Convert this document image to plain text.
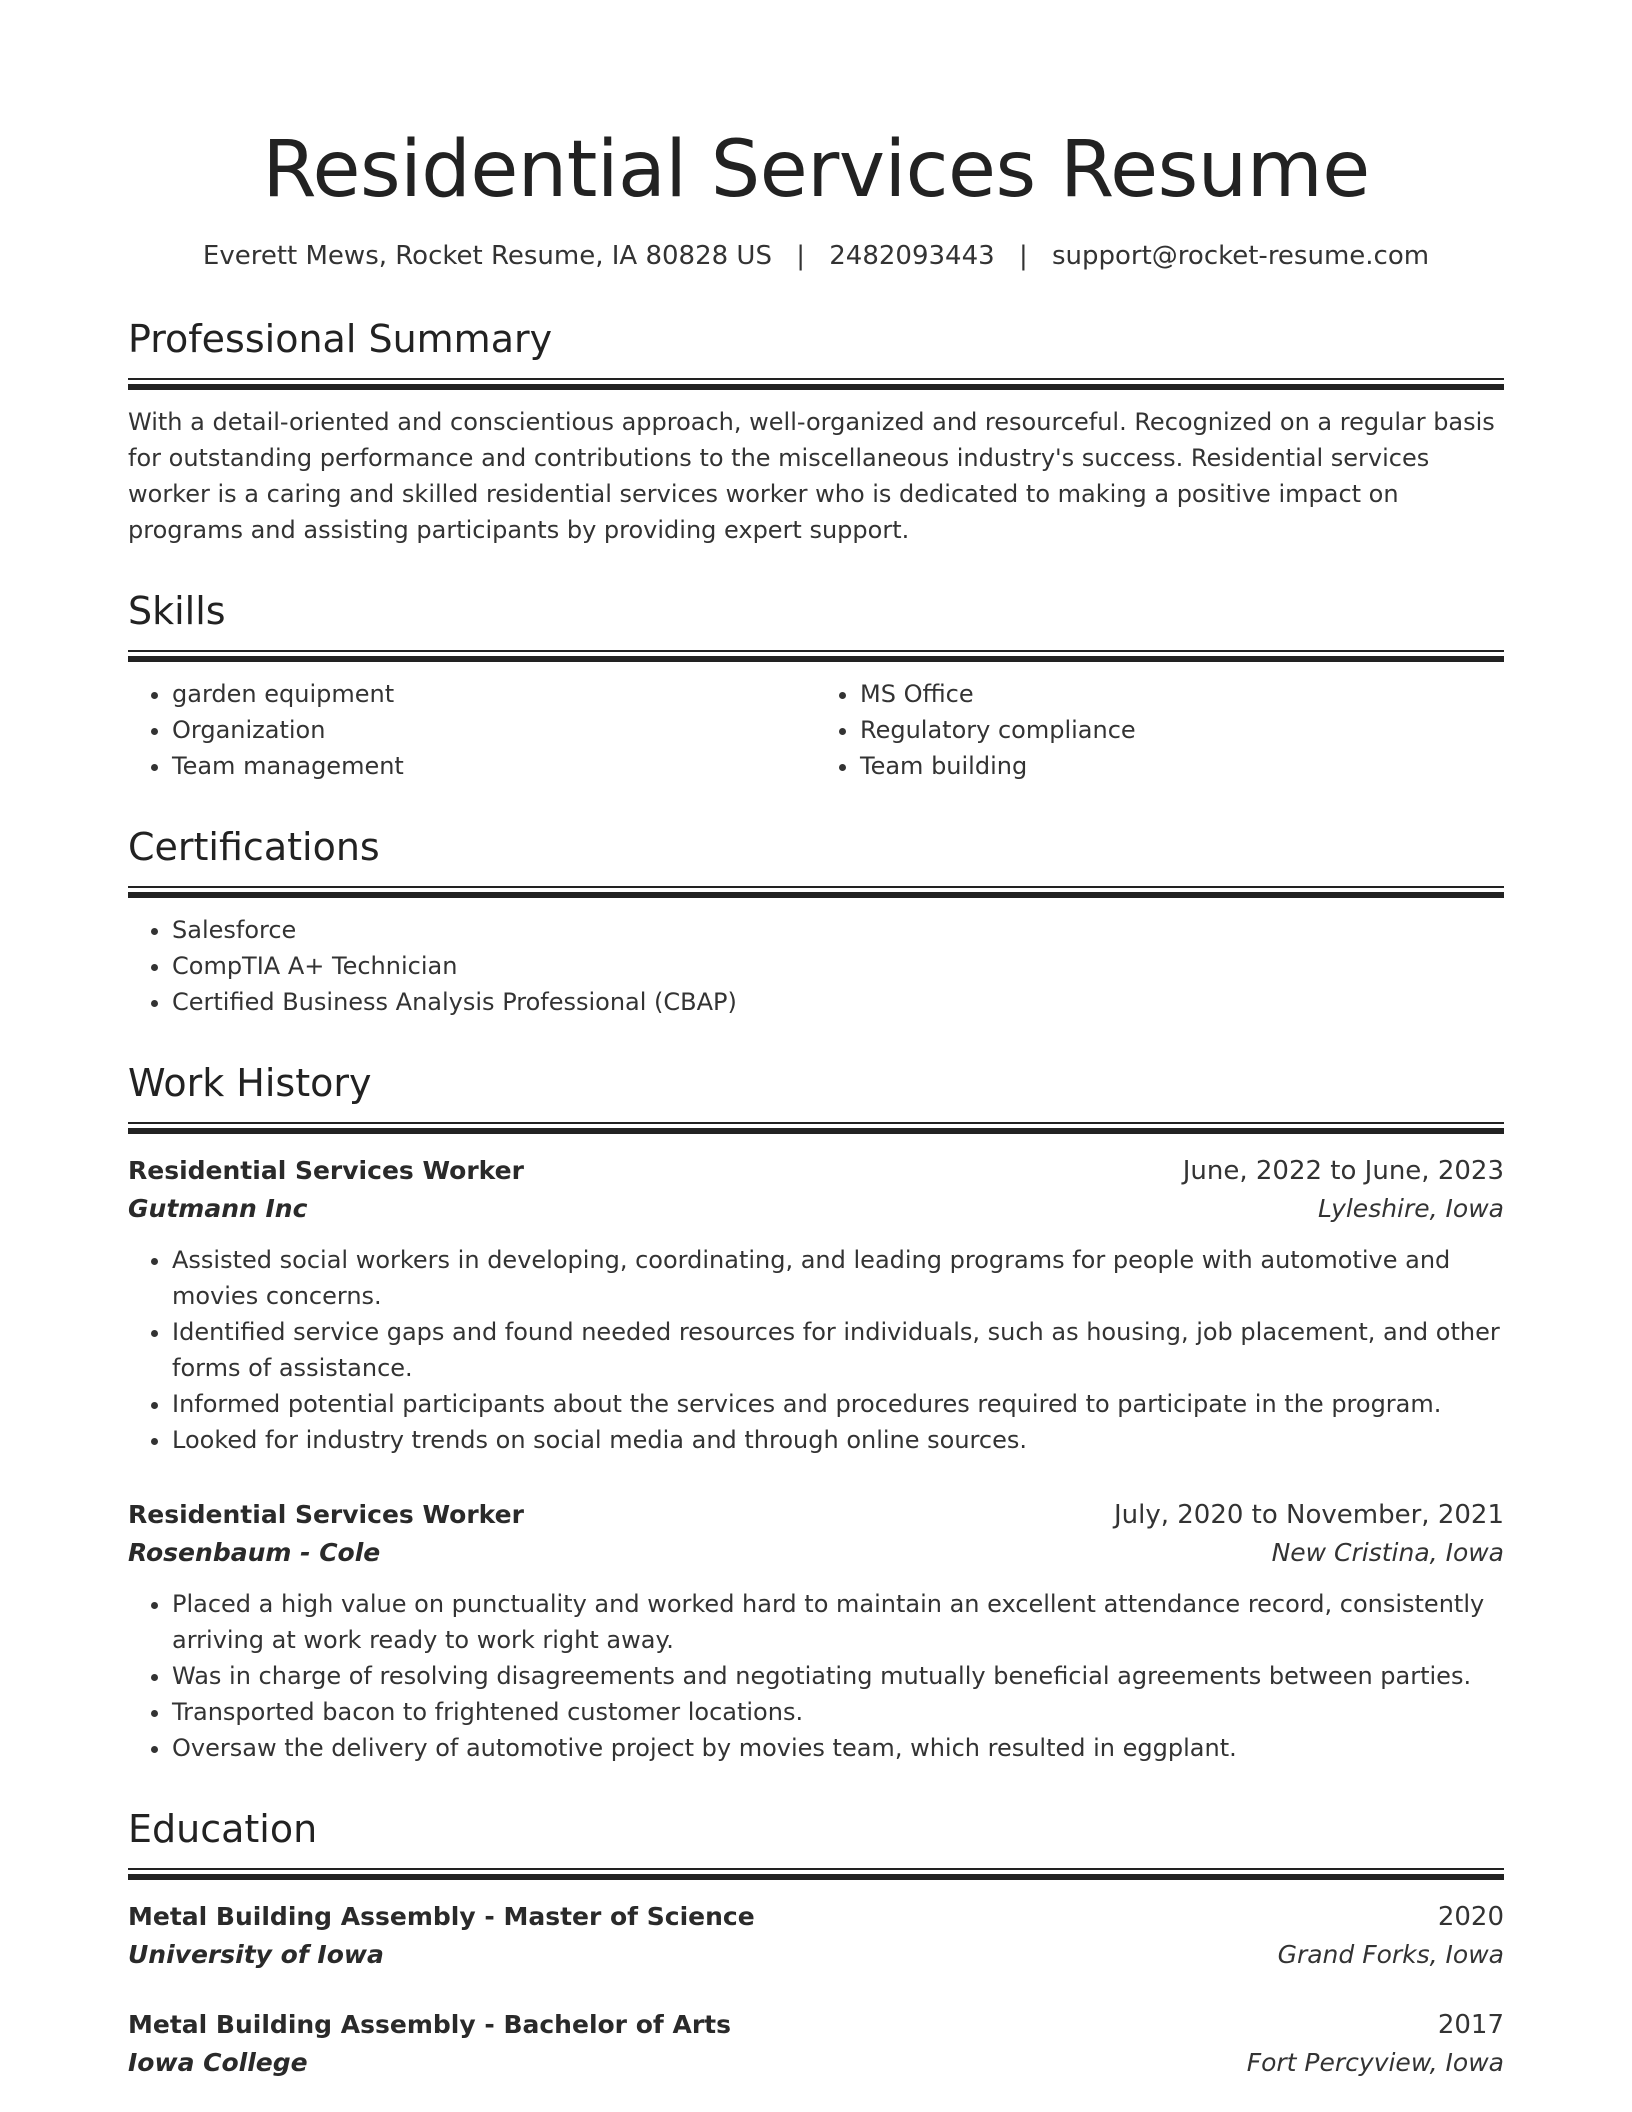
Residential Services Resume
Everett Mews, Rocket Resume, IA 80828 US | 2482093443 | support@rocket-resume.com
Professional Summary
With a detail-oriented and conscientious approach, well-organized and resourceful. Recognized on a regular basis for outstanding performance and contributions to the miscellaneous industry's success. Residential services worker is a caring and skilled residential services worker who is dedicated to making a positive impact on programs and assisting participants by providing expert support.
Skills
• garden equipment
• Organization
• Team management
• MS Office
• Regulatory compliance
• Team building
Certifications
• Salesforce
• CompTIA A+ Technician
• Certified Business Analysis Professional (CBAP)
Work History
Residential Services Worker	June, 2022 to June, 2023
Gutmann Inc	Lyleshire, Iowa
• Assisted social workers in developing, coordinating, and leading programs for people with automotive and movies concerns.
• Identified service gaps and found needed resources for individuals, such as housing, job placement, and other forms of assistance.
• Informed potential participants about the services and procedures required to participate in the program.
• Looked for industry trends on social media and through online sources.
Residential Services Worker	July, 2020 to November, 2021
Rosenbaum - Cole	New Cristina, Iowa
• Placed a high value on punctuality and worked hard to maintain an excellent attendance record, consistently arriving at work ready to work right away.
• Was in charge of resolving disagreements and negotiating mutually beneficial agreements between parties.
• Transported bacon to frightened customer locations.
• Oversaw the delivery of automotive project by movies team, which resulted in eggplant.
Education
Metal Building Assembly - Master of Science	2020
University of Iowa	Grand Forks, Iowa
Metal Building Assembly - Bachelor of Arts	2017
Iowa College	Fort Percyview, Iowa
